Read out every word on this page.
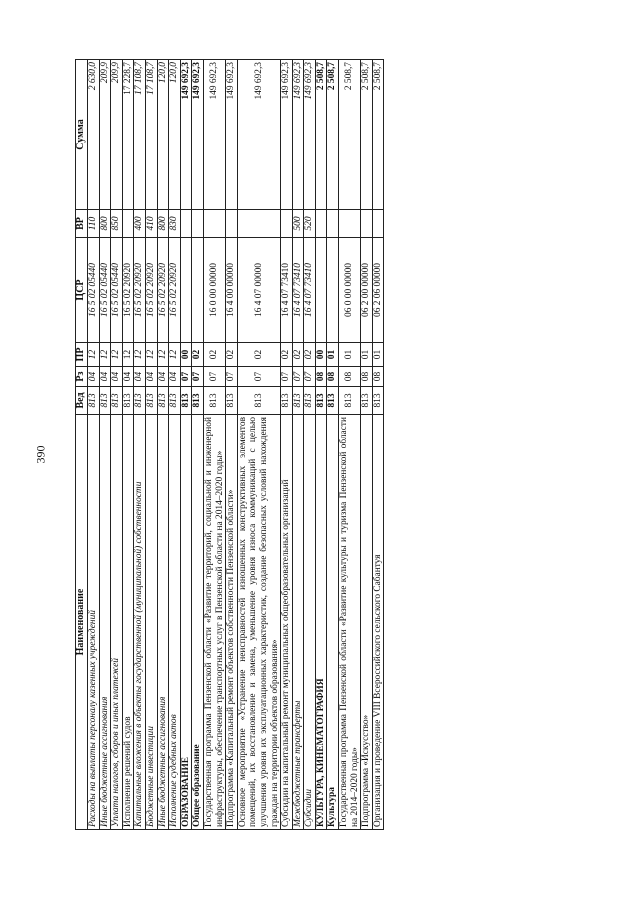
390
Наименование	Вед	Рз	ПР	ЦСР	ВР	Сумма
Расходы на выплаты персоналу казенных учреждений	813	04	12	16 5 02 05440	110	2 630,0
Иные бюджетные ассигнования	813	04	12	16 5 02 05440	800	209,9
Уплата налогов, сборов и иных платежей	813	04	12	16 5 02 05440	850	209,9
Исполнение решений судов	813	04	12	16 5 02 20920		17 228,7
Капитальные вложения в объекты государственной (муниципальной) собственности	813	04	12	16 5 02 20920	400	17 108,7
Бюджетные инвестиции	813	04	12	16 5 02 20920	410	17 108,7
Иные бюджетные ассигнования	813	04	12	16 5 02 20920	800	120,0
Исполнение судебных актов	813	04	12	16 5 02 20920	830	120,0
ОБРАЗОВАНИЕ	813	07	00			149 692,3
Общее образование	813	07	02			149 692,3
Государственная программа Пензенской области «Развитие территорий, социальной и инженерной инфраструктуры, обеспечение транспортных услуг в Пензенской области на 2014–2020 годы»	813	07	02	16 0 00 00000		149 692,3
Подпрограмма «Капитальный ремонт объектов собственности Пензенской области»	813	07	02	16 4 00 00000		149 692,3
Основное мероприятие «Устранение неисправностей изношенных конструктивных элементов помещений, их восстановление и замена, уменьшение уровня износа коммуникаций с целью улучшения уровня их эксплуатационных характеристик, создание безопасных условий нахождения граждан на территории объектов образования»	813	07	02	16 4 07 00000		149 692,3
Субсидии на капитальный ремонт муниципальных общеобразовательных организаций	813	07	02	16 4 07 73410		149 692,3
Межбюджетные трансферты	813	07	02	16 4 07 73410	500	149 692,3
Субсидии	813	07	02	16 4 07 73410	520	149 692,3
КУЛЬТУРА, КИНЕМАТОГРАФИЯ	813	08	00			2 508,7
Культура	813	08	01			2 508,7
Государственная программа Пензенской области «Развитие культуры и туризма Пензенской области на 2014–2020 годы»	813	08	01	06 0 00 00000		2 508,7
Подпрограмма «Искусство»	813	08	01	06 2 00 00000		2 508,7
Организация и проведение VIII Всероссийского сельского Сабантуя	813	08	01	06 2 06 00000		2 508,7
